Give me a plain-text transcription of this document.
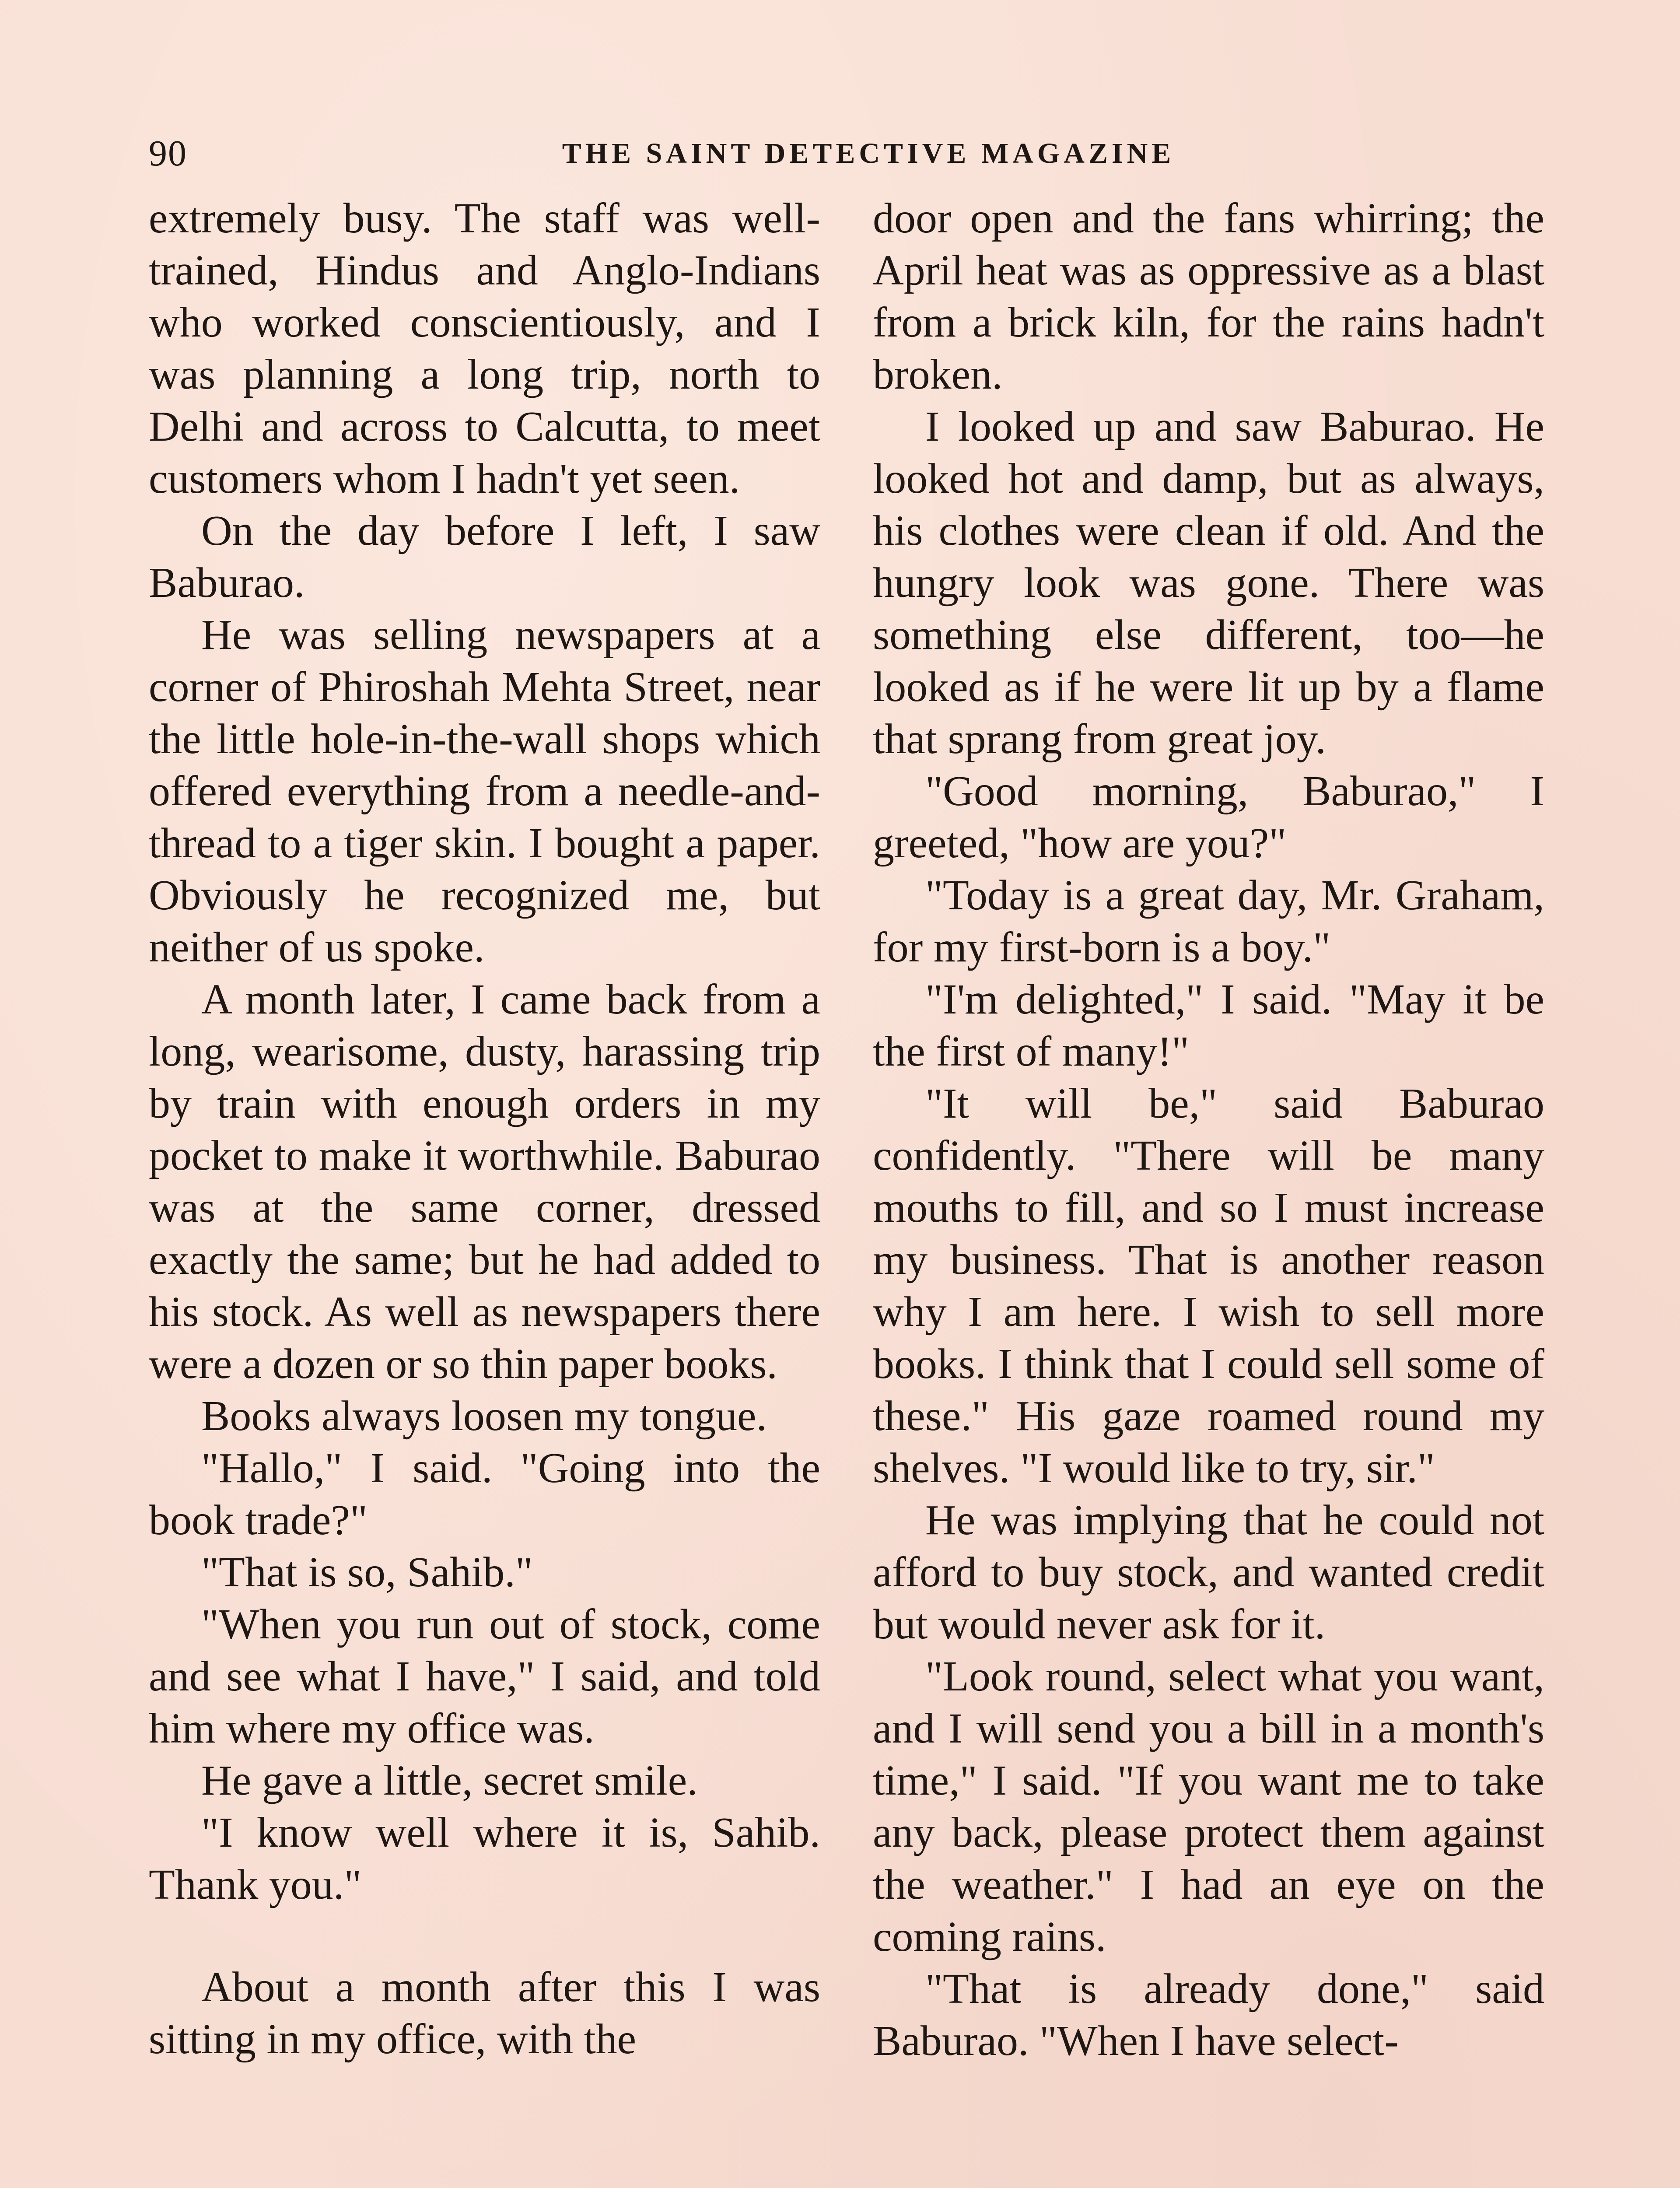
90	THE SAINT DETECTIVE MAGAZINE

extremely busy. The staff was well-trained, Hindus and Anglo-Indians who worked conscientiously, and I was planning a long trip, north to Delhi and across to Calcutta, to meet customers whom I hadn't yet seen.

On the day before I left, I saw Baburao.

He was selling newspapers at a corner of Phiroshah Mehta Street, near the little hole-in-the-wall shops which offered everything from a needle-and-thread to a tiger skin. I bought a paper. Obviously he recognized me, but neither of us spoke.

A month later, I came back from a long, wearisome, dusty, harassing trip by train with enough orders in my pocket to make it worthwhile. Baburao was at the same corner, dressed exactly the same; but he had added to his stock. As well as newspapers there were a dozen or so thin paper books.

Books always loosen my tongue.

"Hallo," I said. "Going into the book trade?"

"That is so, Sahib."

"When you run out of stock, come and see what I have," I said, and told him where my office was.

He gave a little, secret smile.

"I know well where it is, Sahib. Thank you."

About a month after this I was sitting in my office, with the

door open and the fans whirring; the April heat was as oppressive as a blast from a brick kiln, for the rains hadn't broken.

I looked up and saw Baburao. He looked hot and damp, but as always, his clothes were clean if old. And the hungry look was gone. There was something else different, too—he looked as if he were lit up by a flame that sprang from great joy.

"Good morning, Baburao," I greeted, "how are you?"

"Today is a great day, Mr. Graham, for my first-born is a boy."

"I'm delighted," I said. "May it be the first of many!"

"It will be," said Baburao confidently. "There will be many mouths to fill, and so I must increase my business. That is another reason why I am here. I wish to sell more books. I think that I could sell some of these." His gaze roamed round my shelves. "I would like to try, sir."

He was implying that he could not afford to buy stock, and wanted credit but would never ask for it.

"Look round, select what you want, and I will send you a bill in a month's time," I said. "If you want me to take any back, please protect them against the weather." I had an eye on the coming rains.

"That is already done," said Baburao. "When I have select-
